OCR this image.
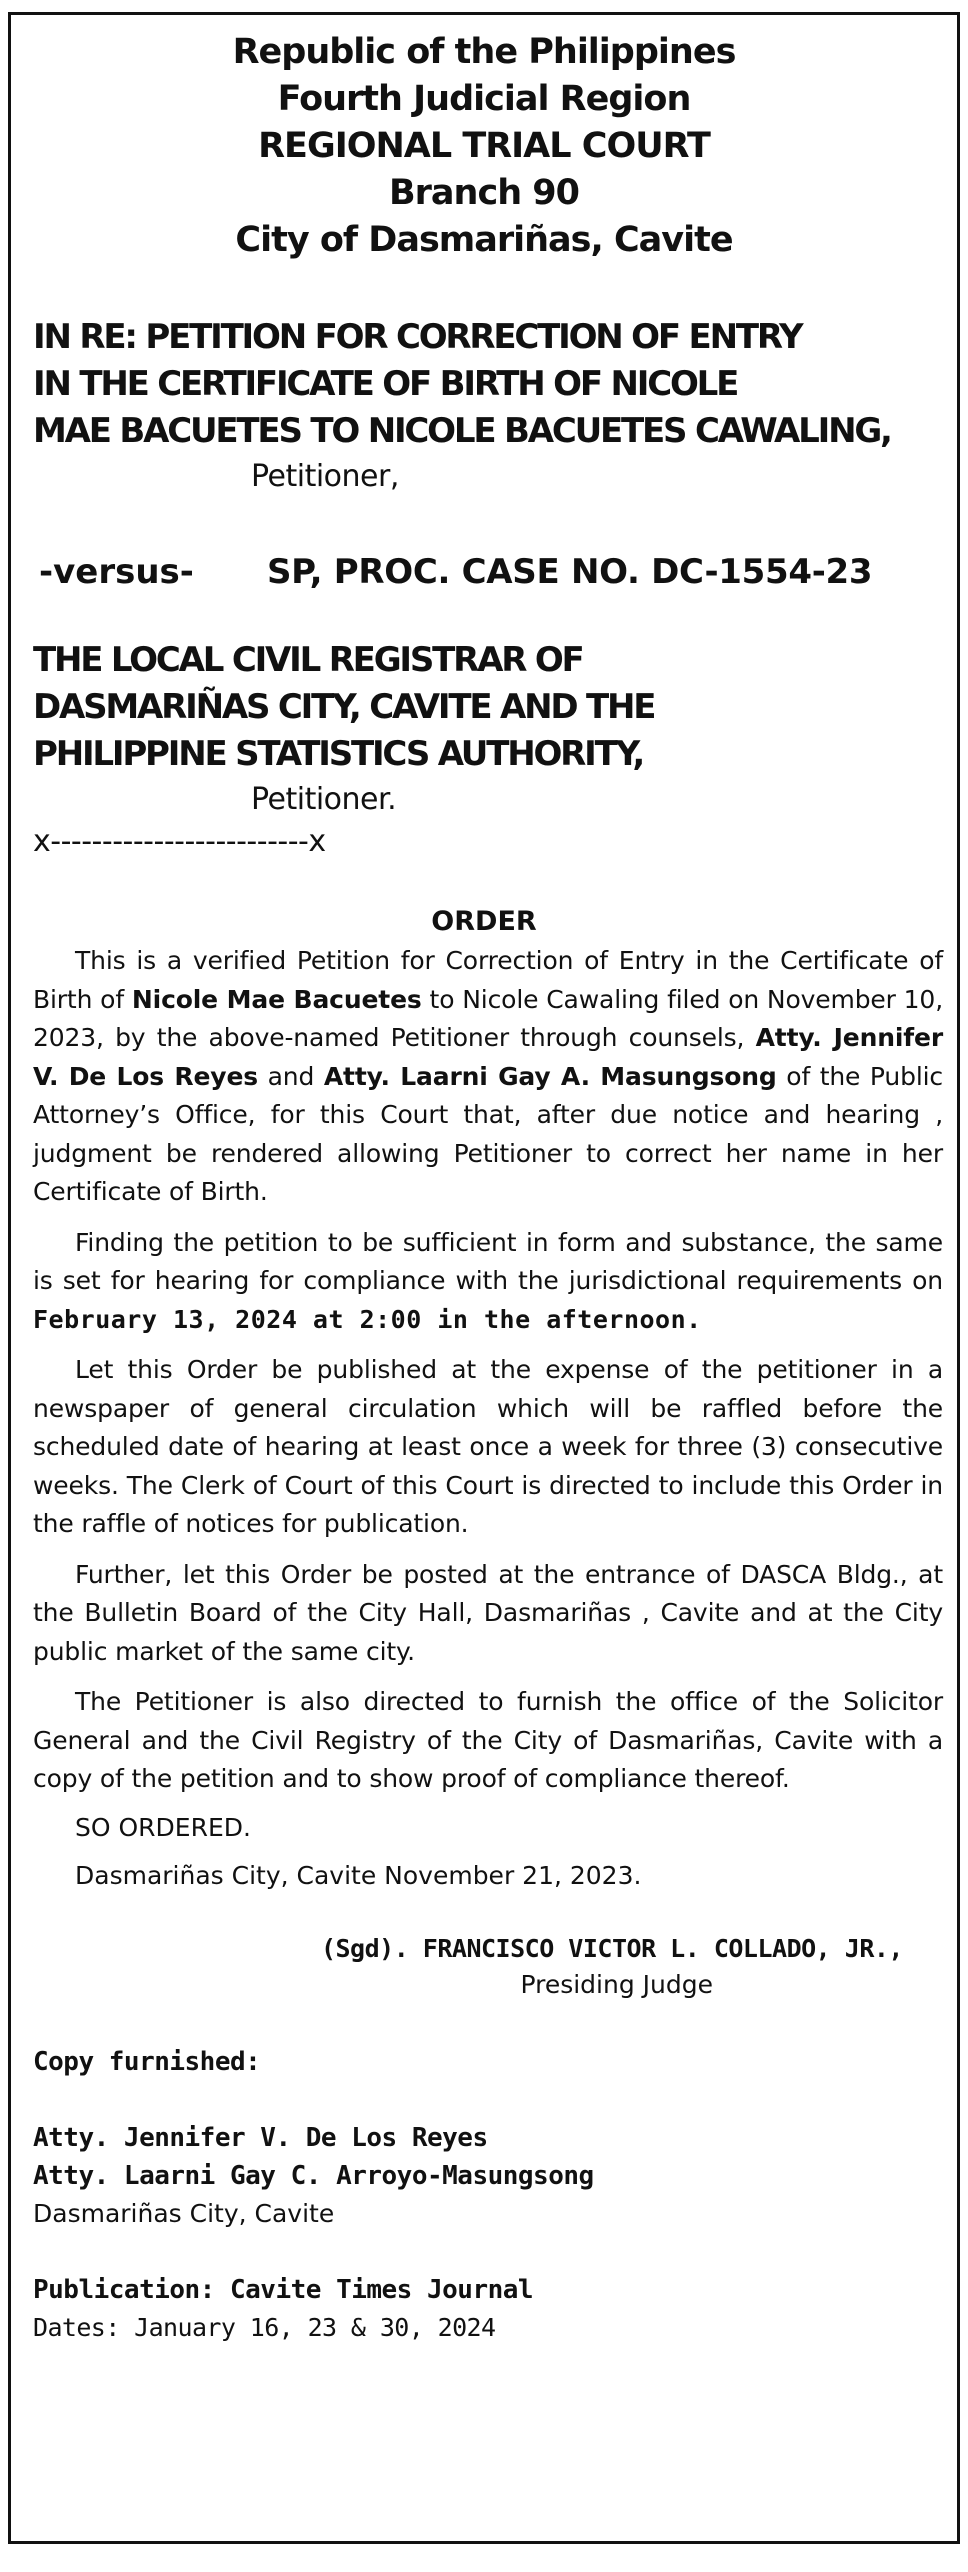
Republic of the Philippines
Fourth Judicial Region
REGIONAL TRIAL COURT
Branch 90
City of Dasmariñas, Cavite
IN RE: PETITION FOR CORRECTION OF ENTRY
IN THE CERTIFICATE OF BIRTH OF NICOLE
MAE BACUETES TO NICOLE BACUETES CAWALING,
Petitioner,
-versus- SP, PROC. CASE NO. DC-1554-23
THE LOCAL CIVIL REGISTRAR OF
DASMARIÑAS CITY, CAVITE AND THE
PHILIPPINE STATISTICS AUTHORITY,
Petitioner.
x-------------------------x
ORDER

This is a verified Petition for Correction of Entry in the Certificate of Birth of Nicole Mae Bacuetes to Nicole Cawaling filed on November 10, 2023, by the above-named Petitioner through counsels, Atty. Jennifer V. De Los Reyes and Atty. Laarni Gay A. Masungsong of the Public Attorney’s Office, for this Court that, after due notice and hearing , judgment be rendered allowing Petitioner to correct her name in her Certificate of Birth.

Finding the petition to be sufficient in form and substance, the same is set for hearing for compliance with the jurisdictional requirements on February 13, 2024 at 2:00 in the afternoon.

Let this Order be published at the expense of the petitioner in a newspaper of general circulation which will be raffled before the scheduled date of hearing at least once a week for three (3) consecutive weeks. The Clerk of Court of this Court is directed to include this Order in the raffle of notices for publication.

Further, let this Order be posted at the entrance of DASCA Bldg., at the Bulletin Board of the City Hall, Dasmariñas , Cavite and at the City public market of the same city.

The Petitioner is also directed to furnish the office of the Solicitor General and the Civil Registry of the City of Dasmariñas, Cavite with a copy of the petition and to show proof of compliance thereof.

SO ORDERED.
Dasmariñas City, Cavite November 21, 2023.
(Sgd). FRANCISCO VICTOR L. COLLADO, JR.,
Presiding Judge
Copy furnished:
Atty. Jennifer V. De Los Reyes
Atty. Laarni Gay C. Arroyo-Masungsong
Dasmariñas City, Cavite
Publication: Cavite Times Journal
Dates: January 16, 23 & 30, 2024
